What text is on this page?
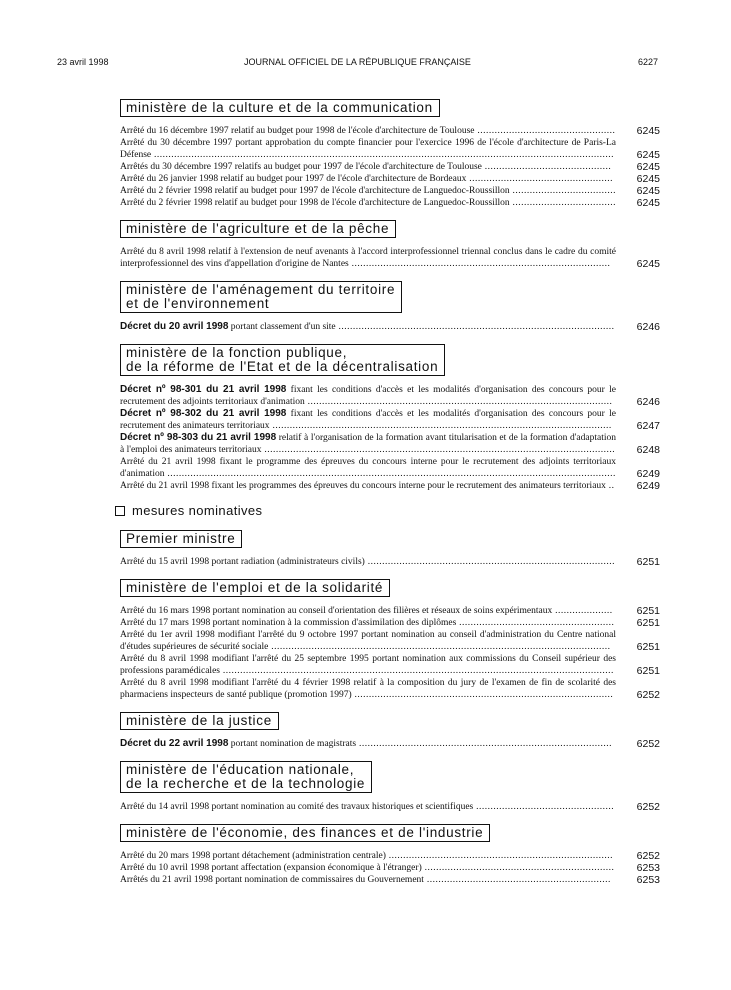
23 avril 1998	JOURNAL OFFICIEL DE LA RÉPUBLIQUE FRANÇAISE	6227
ministère de la culture et de la communication
Arrêté du 16 décembre 1997 relatif au budget pour 1998 de l'école d'architecture de Toulouse ................................................	6245
Arrêté du 30 décembre 1997 portant approbation du compte financier pour l'exercice 1996 de l'école d'architecture de Paris-La Défense ................................................................................................................................................................	6245
Arrêtés du 30 décembre 1997 relatifs au budget pour 1997 de l'école d'architecture de Toulouse ............................................	6245
Arrêté du 26 janvier 1998 relatif au budget pour 1997 de l'école d'architecture de Bordeaux ..................................................	6245
Arrêté du 2 février 1998 relatif au budget pour 1997 de l'école d'architecture de Languedoc-Roussillon ....................................	6245
Arrêté du 2 février 1998 relatif au budget pour 1998 de l'école d'architecture de Languedoc-Roussillon ....................................	6245
ministère de l'agriculture et de la pêche
Arrêté du 8 avril 1998 relatif à l'extension de neuf avenants à l'accord interprofessionnel triennal conclus dans le cadre du comité interprofessionnel des vins d'appellation d'origine de Nantes ..........................................................................................	6245
ministère de l'aménagement du territoire
et de l'environnement
Décret du 20 avril 1998 portant classement d'un site ................................................................................................	6246
ministère de la fonction publique,
de la réforme de l'Etat et de la décentralisation
Décret nº 98-301 du 21 avril 1998 fixant les conditions d'accès et les modalités d'organisation des concours pour le recrutement des adjoints territoriaux d'animation ..........................................................................................................	6246
Décret nº 98-302 du 21 avril 1998 fixant les conditions d'accès et les modalités d'organisation des concours pour le recrutement des animateurs territoriaux ......................................................................................................................	6247
Décret nº 98-303 du 21 avril 1998 relatif à l'organisation de la formation avant titularisation et de la formation d'adaptation à l'emploi des animateurs territoriaux ..........................................................................................................................	6248
Arrêté du 21 avril 1998 fixant le programme des épreuves du concours interne pour le recrutement des adjoints territoriaux d'animation ............................................................................................................................................................	6249
Arrêté du 21 avril 1998 fixant les programmes des épreuves du concours interne pour le recrutement des animateurs territoriaux ..	6249
mesures nominatives
Premier ministre
Arrêté du 15 avril 1998 portant radiation (administrateurs civils) ......................................................................................	6251
ministère de l'emploi et de la solidarité
Arrêté du 16 mars 1998 portant nomination au conseil d'orientation des filières et réseaux de soins expérimentaux ....................	6251
Arrêté du 17 mars 1998 portant nomination à la commission d'assimilation des diplômes ......................................................	6251
Arrêté du 1er avril 1998 modifiant l'arrêté du 9 octobre 1997 portant nomination au conseil d'administration du Centre national d'études supérieures de sécurité sociale ......................................................................................................................	6251
Arrêté du 8 avril 1998 modifiant l'arrêté du 25 septembre 1995 portant nomination aux commissions du Conseil supérieur des professions paramédicales ........................................................................................................................................	6251
Arrêté du 8 avril 1998 modifiant l'arrêté du 4 février 1998 relatif à la composition du jury de l'examen de fin de scolarité des pharmaciens inspecteurs de santé publique (promotion 1997) ..........................................................................................	6252
ministère de la justice
Décret du 22 avril 1998 portant nomination de magistrats ........................................................................................	6252
ministère de l'éducation nationale,
de la recherche et de la technologie
Arrêté du 14 avril 1998 portant nomination au comité des travaux historiques et scientifiques ................................................	6252
ministère de l'économie, des finances et de l'industrie
Arrêté du 20 mars 1998 portant détachement (administration centrale) ..............................................................................	6252
Arrêté du 10 avril 1998 portant affectation (expansion économique à l'étranger) ..................................................................	6253
Arrêtés du 21 avril 1998 portant nomination de commissaires du Gouvernement ................................................................	6253
